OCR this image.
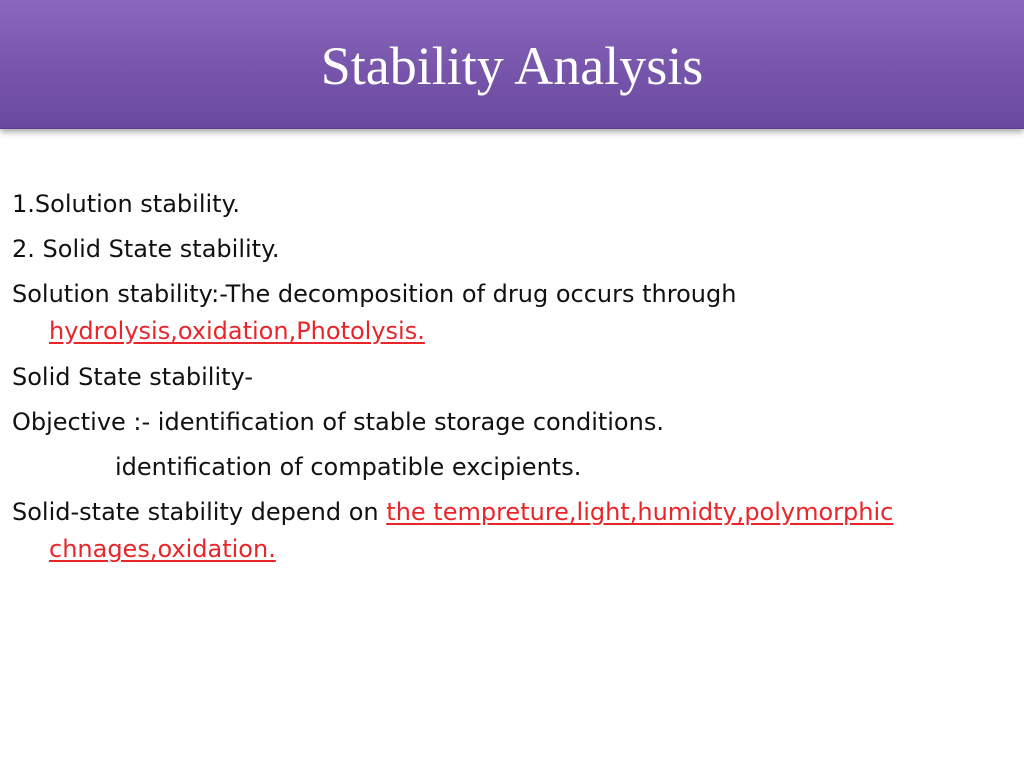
Stability Analysis
1.Solution stability.
2. Solid State stability.
Solution stability:-The decomposition of drug occurs through
hydrolysis,oxidation,Photolysis.
Solid State stability-
Objective :- identification of stable storage conditions.
identification of compatible excipients.
Solid-state stability depend on the tempreture,light,humidty,polymorphic
chnages,oxidation.
